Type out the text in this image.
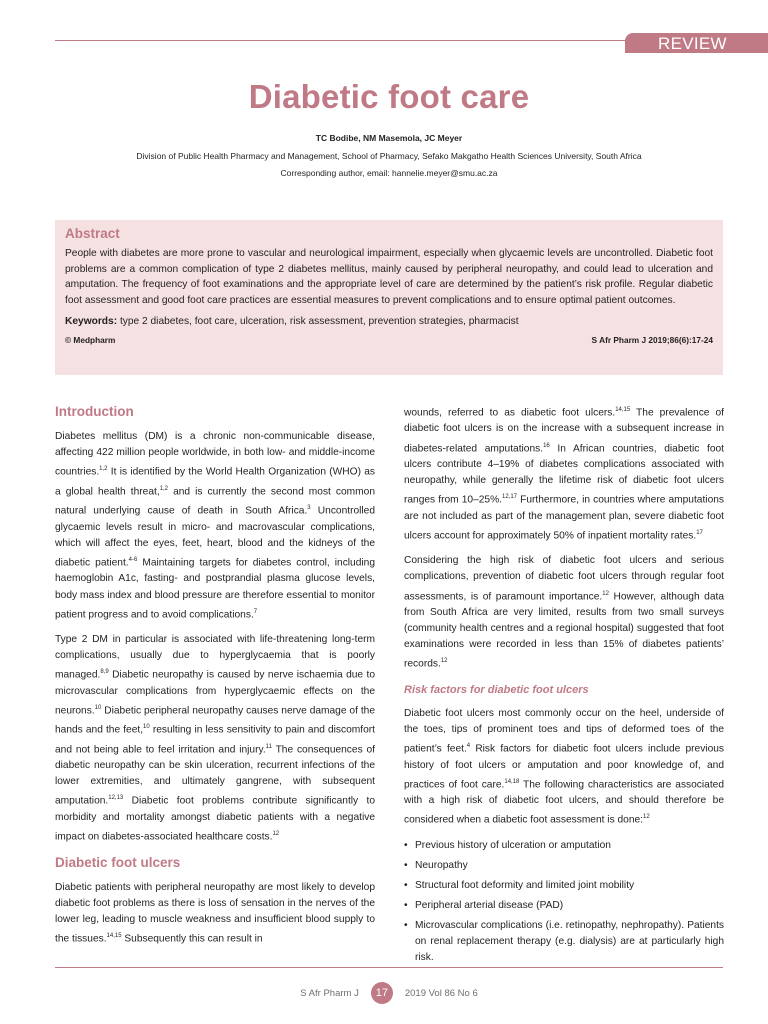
REVIEW
Diabetic foot care
TC Bodibe, NM Masemola, JC Meyer
Division of Public Health Pharmacy and Management, School of Pharmacy, Sefako Makgatho Health Sciences University, South Africa
Corresponding author, email: hannelie.meyer@smu.ac.za
Abstract

People with diabetes are more prone to vascular and neurological impairment, especially when glycaemic levels are uncontrolled. Diabetic foot problems are a common complication of type 2 diabetes mellitus, mainly caused by peripheral neuropathy, and could lead to ulceration and amputation. The frequency of foot examinations and the appropriate level of care are determined by the patient’s risk profile. Regular diabetic foot assessment and good foot care practices are essential measures to prevent complications and to ensure optimal patient outcomes.

Keywords: type 2 diabetes, foot care, ulceration, risk assessment, prevention strategies, pharmacist

© Medpharm	S Afr Pharm J 2019;86(6):17-24
Introduction

Diabetes mellitus (DM) is a chronic non-communicable disease, affecting 422 million people worldwide, in both low- and middle-income countries.$^{1,2}$ It is identified by the World Health Organization (WHO) as a global health threat,$^{1,2}$ and is currently the second most common natural underlying cause of death in South Africa.$^3$ Uncontrolled glycaemic levels result in micro- and macrovascular complications, which will affect the eyes, feet, heart, blood and the kidneys of the diabetic patient.$^{4-6}$ Maintaining targets for diabetes control, including haemoglobin A1c, fasting- and postprandial plasma glucose levels, body mass index and blood pressure are therefore essential to monitor patient progress and to avoid complications.$^7$

Type 2 DM in particular is associated with life-threatening long-term complications, usually due to hyperglycaemia that is poorly managed.$^{8,9}$ Diabetic neuropathy is caused by nerve ischaemia due to microvascular complications from hyperglycaemic effects on the neurons.$^{10}$ Diabetic peripheral neuropathy causes nerve damage of the hands and the feet,$^{10}$ resulting in less sensitivity to pain and discomfort and not being able to feel irritation and injury.$^{11}$ The consequences of diabetic neuropathy can be skin ulceration, recurrent infections of the lower extremities, and ultimately gangrene, with subsequent amputation.$^{12,13}$ Diabetic foot problems contribute significantly to morbidity and mortality amongst diabetic patients with a negative impact on diabetes-associated healthcare costs.$^{12}$

Diabetic foot ulcers

Diabetic patients with peripheral neuropathy are most likely to develop diabetic foot problems as there is loss of sensation in the nerves of the lower leg, leading to muscle weakness and insufficient blood supply to the tissues.$^{14,15}$ Subsequently this can result in

wounds, referred to as diabetic foot ulcers.$^{14,15}$ The prevalence of diabetic foot ulcers is on the increase with a subsequent increase in diabetes-related amputations.$^{16}$ In African countries, diabetic foot ulcers contribute 4–19% of diabetes complications associated with neuropathy, while generally the lifetime risk of diabetic foot ulcers ranges from 10–25%.$^{12,17}$ Furthermore, in countries where amputations are not included as part of the management plan, severe diabetic foot ulcers account for approximately 50% of inpatient mortality rates.$^{17}$

Considering the high risk of diabetic foot ulcers and serious complications, prevention of diabetic foot ulcers through regular foot assessments, is of paramount importance.$^{12}$ However, although data from South Africa are very limited, results from two small surveys (community health centres and a regional hospital) suggested that foot examinations were recorded in less than 15% of diabetes patients’ records.$^{12}$

Risk factors for diabetic foot ulcers

Diabetic foot ulcers most commonly occur on the heel, underside of the toes, tips of prominent toes and tips of deformed toes of the patient’s feet.$^4$ Risk factors for diabetic foot ulcers include previous history of foot ulcers or amputation and poor knowledge of, and practices of foot care.$^{14,18}$ The following characteristics are associated with a high risk of diabetic foot ulcers, and should therefore be considered when a diabetic foot assessment is done:$^{12}$

• Previous history of ulceration or amputation
• Neuropathy
• Structural foot deformity and limited joint mobility
• Peripheral arterial disease (PAD)
• Microvascular complications (i.e. retinopathy, nephropathy). Patients on renal replacement therapy (e.g. dialysis) are at particularly high risk.
S Afr Pharm J	17	2019 Vol 86 No 6
